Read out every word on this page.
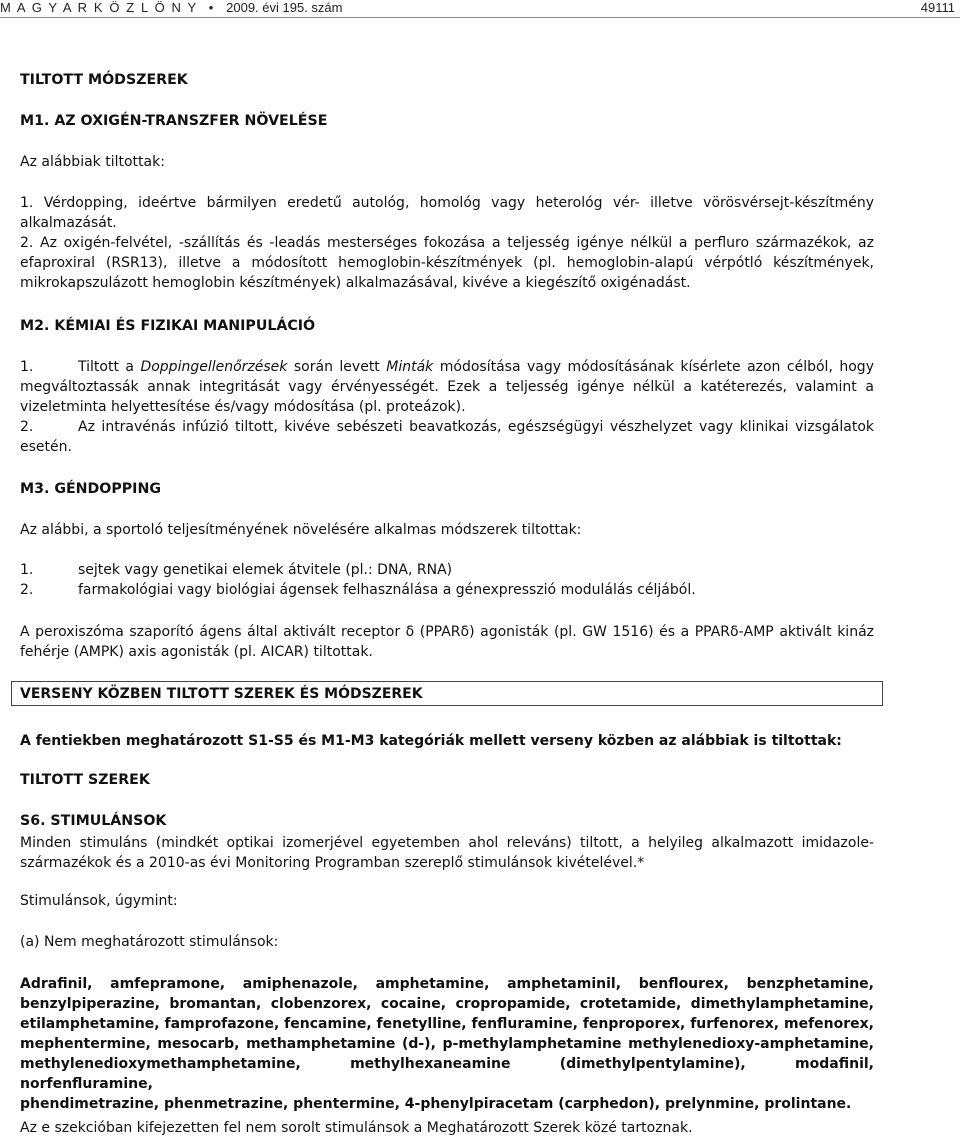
M A G Y A R K Ö Z L Ö N Y • 2009. évi 195. szám	49111
TILTOTT MÓDSZEREK
M1. AZ OXIGÉN-TRANSZFER NÖVELÉSE
Az alábbiak tiltottak:
1. Vérdopping, ideértve bármilyen eredetű autológ, homológ vagy heterológ vér- illetve vörösvérsejt-készítmény
alkalmazását.
2. Az oxigén-felvétel, -szállítás és -leadás mesterséges fokozása a teljesség igénye nélkül a perfluro származékok, az
efaproxiral (RSR13), illetve a módosított hemoglobin-készítmények (pl. hemoglobin-alapú vérpótló készítmények,
mikrokapszulázott hemoglobin készítmények) alkalmazásával, kivéve a kiegészítő oxigénadást.
M2. KÉMIAI ÉS FIZIKAI MANIPULÁCIÓ
1.	Tiltott a Doppingellenőrzések során levett Minták módosítása vagy módosításának kísérlete azon célból, hogy
megváltoztassák annak integritását vagy érvényességét. Ezek a teljesség igénye nélkül a katéterezés, valamint a
vizeletminta helyettesítése és/vagy módosítása (pl. proteázok).
2.	Az intravénás infúzió tiltott, kivéve sebészeti beavatkozás, egészségügyi vészhelyzet vagy klinikai vizsgálatok
esetén.
M3. GÉNDOPPING
Az alábbi, a sportoló teljesítményének növelésére alkalmas módszerek tiltottak:
1.	sejtek vagy genetikai elemek átvitele (pl.: DNA, RNA)
2.	farmakológiai vagy biológiai ágensek felhasználása a génexpresszió modulálás céljából.
A peroxiszóma szaporító ágens által aktivált receptor δ (PPARδ) agonisták (pl. GW 1516) és a PPARδ-AMP aktivált kináz
fehérje (AMPK) axis agonisták (pl. AICAR) tiltottak.
VERSENY KÖZBEN TILTOTT SZEREK ÉS MÓDSZEREK
A fentiekben meghatározott S1-S5 és M1-M3 kategóriák mellett verseny közben az alábbiak is tiltottak:
TILTOTT SZEREK
S6. STIMULÁNSOK
Minden stimuláns (mindkét optikai izomerjével egyetemben ahol releváns) tiltott, a helyileg alkalmazott imidazole-
származékok és a 2010-as évi Monitoring Programban szereplő stimulánsok kivételével.*
Stimulánsok, úgymint:
(a) Nem meghatározott stimulánsok:
Adrafinil, amfepramone, amiphenazole, amphetamine, amphetaminil, benflourex, benzphetamine,
benzylpiperazine, bromantan, clobenzorex, cocaine, cropropamide, crotetamide, dimethylamphetamine,
etilamphetamine, famprofazone, fencamine, fenetylline, fenfluramine, fenproporex, furfenorex, mefenorex,
mephentermine, mesocarb, methamphetamine (d-), p-methylamphetamine methylenedioxy-amphetamine,
methylenedioxymethamphetamine, methylhexaneamine (dimethylpentylamine), modafinil, norfenfluramine,
phendimetrazine, phenmetrazine, phentermine, 4-phenylpiracetam (carphedon), prelynmine, prolintane.
Az e szekcióban kifejezetten fel nem sorolt stimulánsok a Meghatározott Szerek közé tartoznak.
